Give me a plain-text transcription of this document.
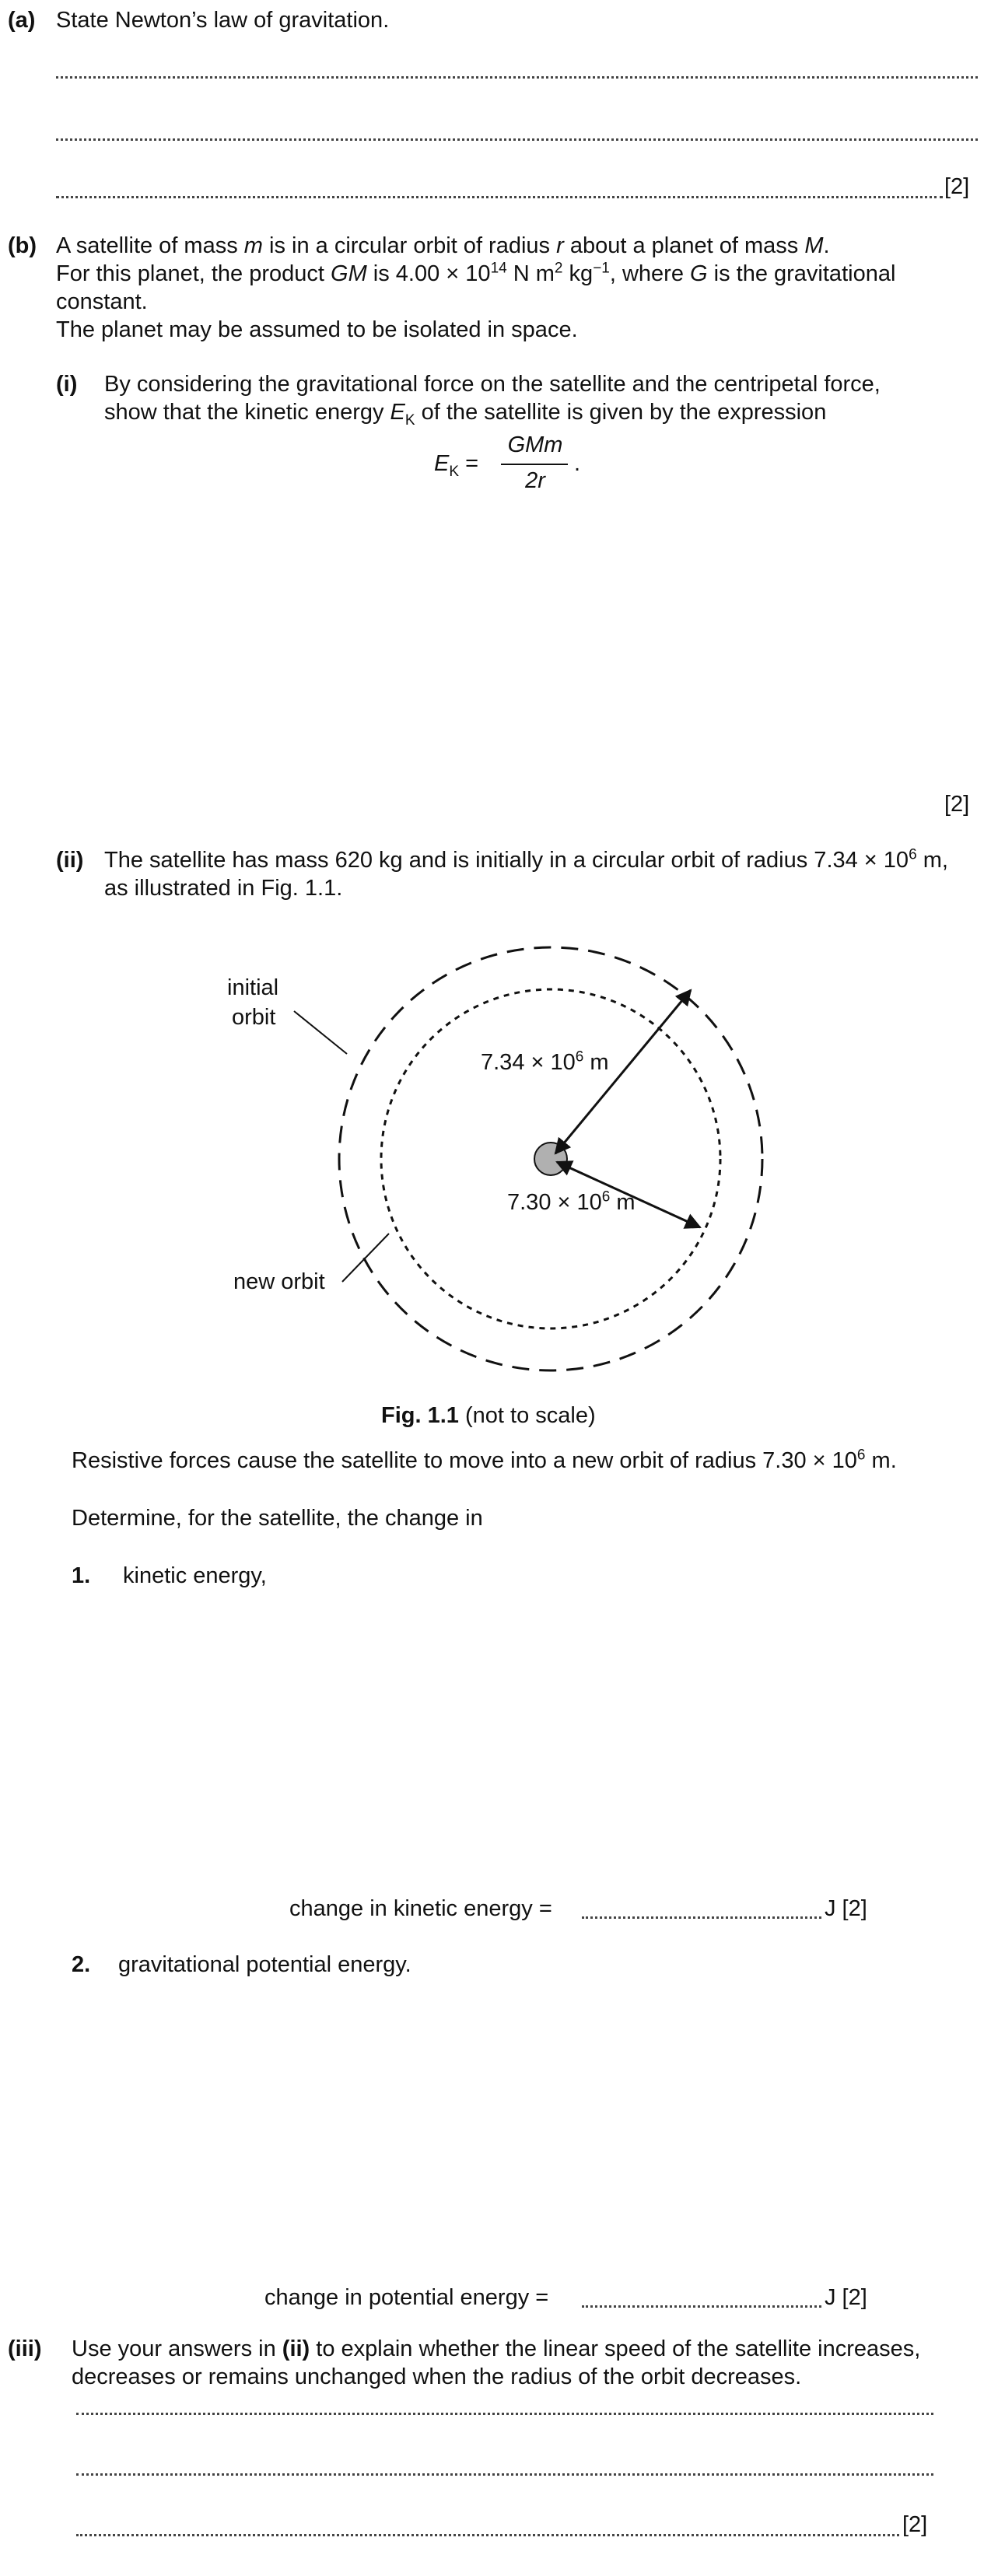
(a) State Newton’s law of gravitation.
[2]
(b) A satellite of mass m is in a circular orbit of radius r about a planet of mass M.
For this planet, the product GM is $4.00 \times 10^{14}$ N $m^2$ $kg^{-1}$, where G is the gravitational
constant.
The planet may be assumed to be isolated in space.
(i) By considering the gravitational force on the satellite and the centripetal force,
show that the kinetic energy $E_K$ of the satellite is given by the expression
$E_K$ =
GMm
2r
.
[2]
(ii) The satellite has mass 620 kg and is initially in a circular orbit of radius $7.34 \times 10^6$ m,
as illustrated in Fig. 1.1.
initial
orbit
new orbit
$7.34 \times 10^6$ m
$7.30 \times 10^6$ m
Fig. 1.1 (not to scale)
Resistive forces cause the satellite to move into a new orbit of radius $7.30 \times 10^6$ m.
Determine, for the satellite, the change in
1. kinetic energy,
change in kinetic energy =	J [2]
2. gravitational potential energy.
change in potential energy =	J [2]
(iii) Use your answers in (ii) to explain whether the linear speed of the satellite increases,
decreases or remains unchanged when the radius of the orbit decreases.
[2]
